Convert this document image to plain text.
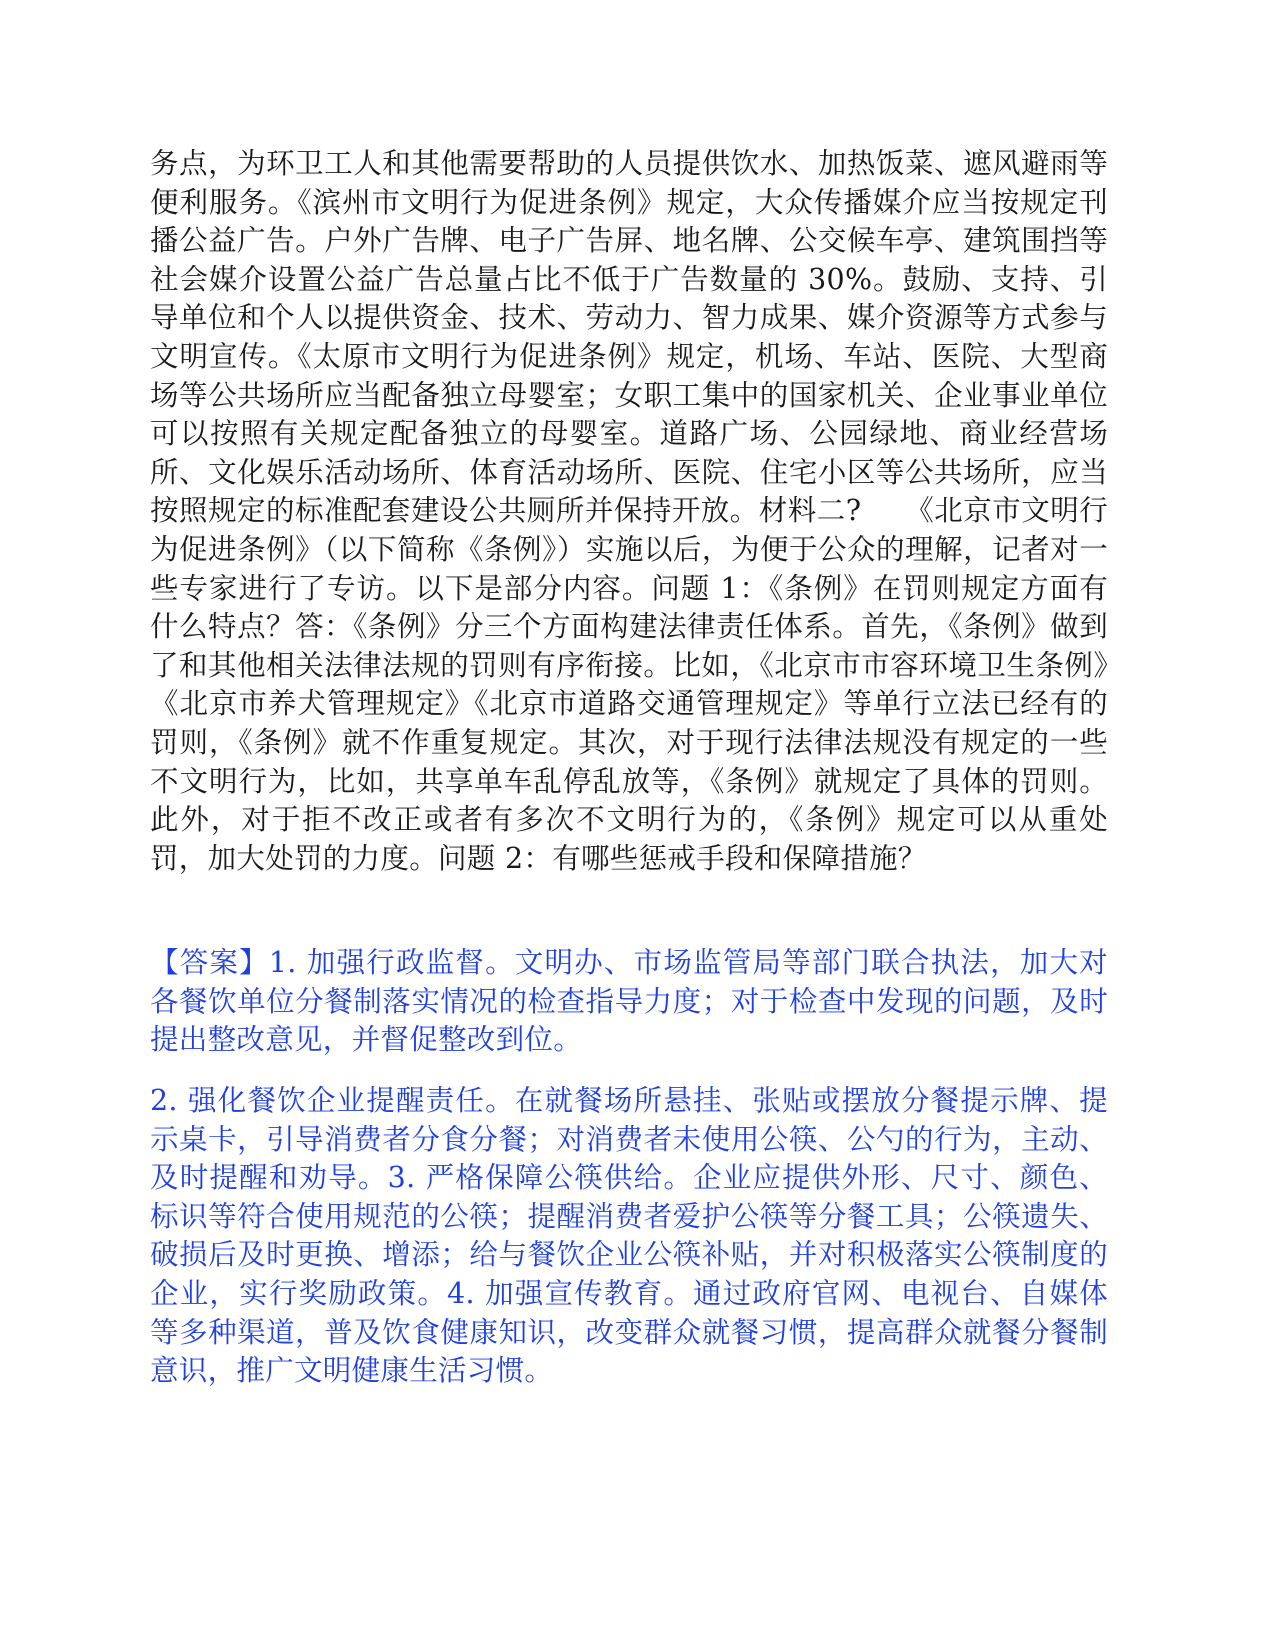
务点，为环卫工人和其他需要帮助的人员提供饮水、加热饭菜、遮风避雨等便利服务。《滨州市文明行为促进条例》规定，大众传播媒介应当按规定刊播公益广告。户外广告牌、电子广告屏、地名牌、公交候车亭、建筑围挡等社会媒介设置公益广告总量占比不低于广告数量的 30%。鼓励、支持、引导单位和个人以提供资金、技术、劳动力、智力成果、媒介资源等方式参与文明宣传。《太原市文明行为促进条例》规定，机场、车站、医院、大型商场等公共场所应当配备独立母婴室；女职工集中的国家机关、企业事业单位可以按照有关规定配备独立的母婴室。道路广场、公园绿地、商业经营场所、文化娱乐活动场所、体育活动场所、医院、住宅小区等公共场所，应当按照规定的标准配套建设公共厕所并保持开放。材料二?　　《北京市文明行为促进条例》（以下简称《条例》）实施以后，为便于公众的理解，记者对一些专家进行了专访。以下是部分内容。问题 1：《条例》在罚则规定方面有什么特点？答：《条例》分三个方面构建法律责任体系。首先，《条例》做到了和其他相关法律法规的罚则有序衔接。比如，《北京市市容环境卫生条例》《北京市养犬管理规定》《北京市道路交通管理规定》等单行立法已经有的罚则，《条例》就不作重复规定。其次，对于现行法律法规没有规定的一些不文明行为，比如，共享单车乱停乱放等，《条例》就规定了具体的罚则。此外，对于拒不改正或者有多次不文明行为的，《条例》规定可以从重处罚，加大处罚的力度。问题 2：有哪些惩戒手段和保障措施？

【答案】1. 加强行政监督。文明办、市场监管局等部门联合执法，加大对各餐饮单位分餐制落实情况的检查指导力度；对于检查中发现的问题，及时提出整改意见，并督促整改到位。

2. 强化餐饮企业提醒责任。在就餐场所悬挂、张贴或摆放分餐提示牌、提示桌卡，引导消费者分食分餐；对消费者未使用公筷、公勺的行为，主动、及时提醒和劝导。3. 严格保障公筷供给。企业应提供外形、尺寸、颜色、标识等符合使用规范的公筷；提醒消费者爱护公筷等分餐工具；公筷遗失、破损后及时更换、增添；给与餐饮企业公筷补贴，并对积极落实公筷制度的企业，实行奖励政策。4. 加强宣传教育。通过政府官网、电视台、自媒体等多种渠道，普及饮食健康知识，改变群众就餐习惯，提高群众就餐分餐制意识，推广文明健康生活习惯。
